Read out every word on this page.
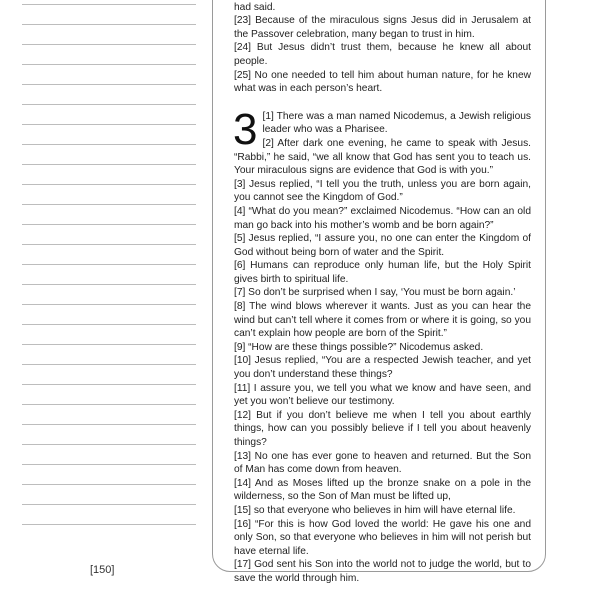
[150]
had said.
[23] Because of the miraculous signs Jesus did in Jerusalem at the Passover celebration, many began to trust in him.
[24] But Jesus didn’t trust them, because he knew all about people.
[25] No one needed to tell him about human nature, for he knew what was in each person’s heart.
3 [1] There was a man named Nicodemus, a Jewish religious leader who was a Pharisee.
[2] After dark one evening, he came to speak with Jesus. “Rabbi,” he said, “we all know that God has sent you to teach us. Your miraculous signs are evidence that God is with you.”
[3] Jesus replied, “I tell you the truth, unless you are born again, you cannot see the Kingdom of God.”
[4] “What do you mean?” exclaimed Nicodemus. “How can an old man go back into his mother’s womb and be born again?”
[5] Jesus replied, “I assure you, no one can enter the Kingdom of God without being born of water and the Spirit.
[6] Humans can reproduce only human life, but the Holy Spirit gives birth to spiritual life.
[7] So don’t be surprised when I say, ‘You must be born again.’
[8] The wind blows wherever it wants. Just as you can hear the wind but can’t tell where it comes from or where it is going, so you can’t explain how people are born of the Spirit.”
[9] “How are these things possible?” Nicodemus asked.
[10] Jesus replied, “You are a respected Jewish teacher, and yet you don’t understand these things?
[11] I assure you, we tell you what we know and have seen, and yet you won’t believe our testimony.
[12] But if you don’t believe me when I tell you about earthly things, how can you possibly believe if I tell you about heavenly things?
[13] No one has ever gone to heaven and returned. But the Son of Man has come down from heaven.
[14] And as Moses lifted up the bronze snake on a pole in the wilderness, so the Son of Man must be lifted up,
[15] so that everyone who believes in him will have eternal life.
[16] “For this is how God loved the world: He gave his one and only Son, so that everyone who believes in him will not perish but have eternal life.
[17] God sent his Son into the world not to judge the world, but to save the world through him.
